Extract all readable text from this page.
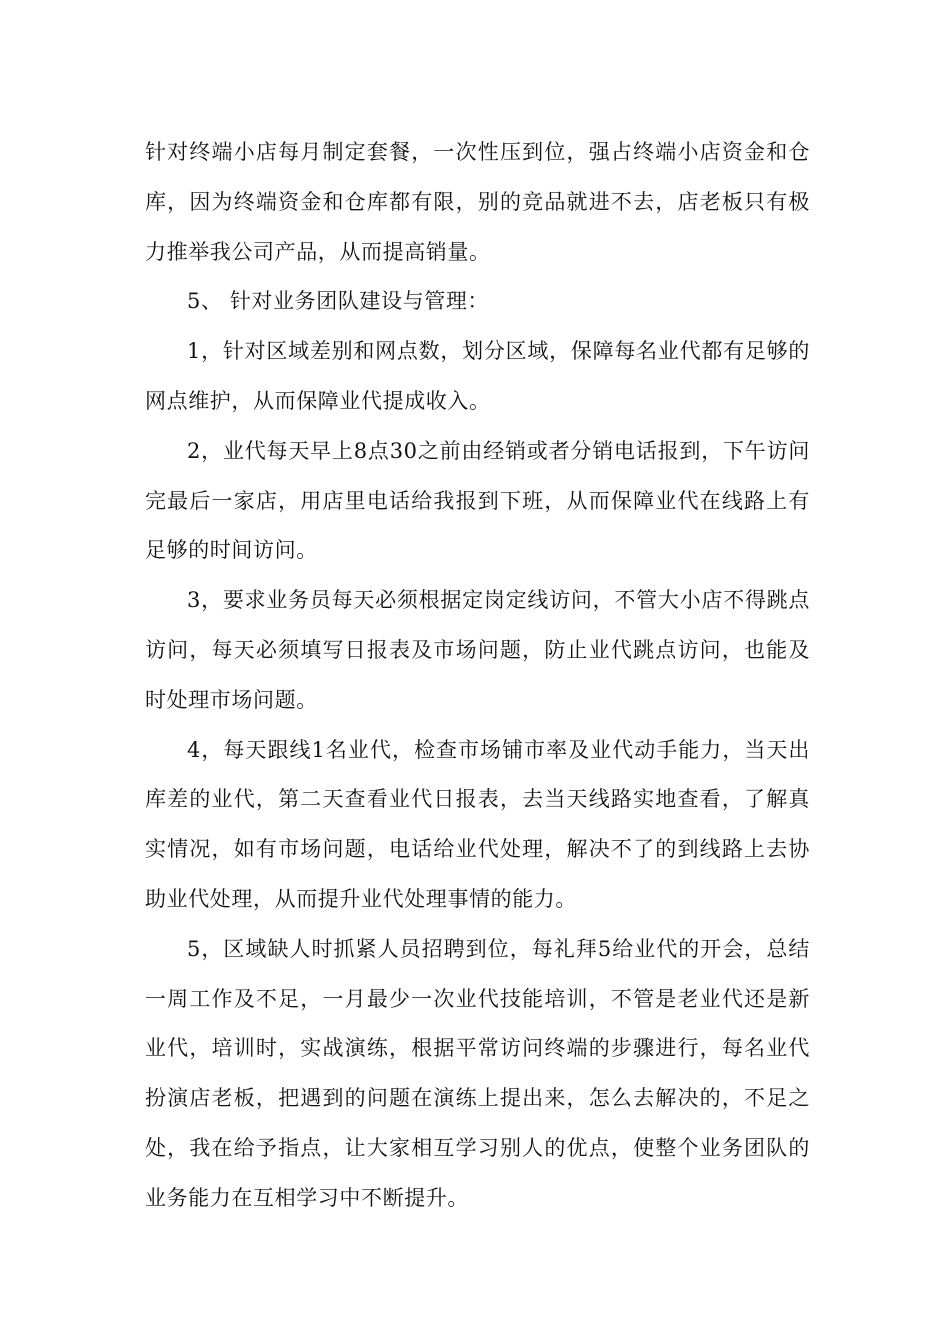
针对终端小店每月制定套餐，一次性压到位，强占终端小店资金和仓库，因为终端资金和仓库都有限，别的竞品就进不去，店老板只有极力推举我公司产品，从而提高销量。

5、 针对业务团队建设与管理：

1，针对区域差别和网点数，划分区域，保障每名业代都有足够的网点维护，从而保障业代提成收入。

2，业代每天早上8点30之前由经销或者分销电话报到，下午访问完最后一家店，用店里电话给我报到下班，从而保障业代在线路上有足够的时间访问。

3，要求业务员每天必须根据定岗定线访问，不管大小店不得跳点访问，每天必须填写日报表及市场问题，防止业代跳点访问，也能及时处理市场问题。

4，每天跟线1名业代，检查市场铺市率及业代动手能力，当天出库差的业代，第二天查看业代日报表，去当天线路实地查看，了解真实情况，如有市场问题，电话给业代处理，解决不了的到线路上去协助业代处理，从而提升业代处理事情的能力。

5，区域缺人时抓紧人员招聘到位，每礼拜5给业代的开会，总结一周工作及不足，一月最少一次业代技能培训，不管是老业代还是新业代，培训时，实战演练，根据平常访问终端的步骤进行，每名业代扮演店老板，把遇到的问题在演练上提出来，怎么去解决的，不足之处，我在给予指点，让大家相互学习别人的优点，使整个业务团队的业务能力在互相学习中不断提升。
